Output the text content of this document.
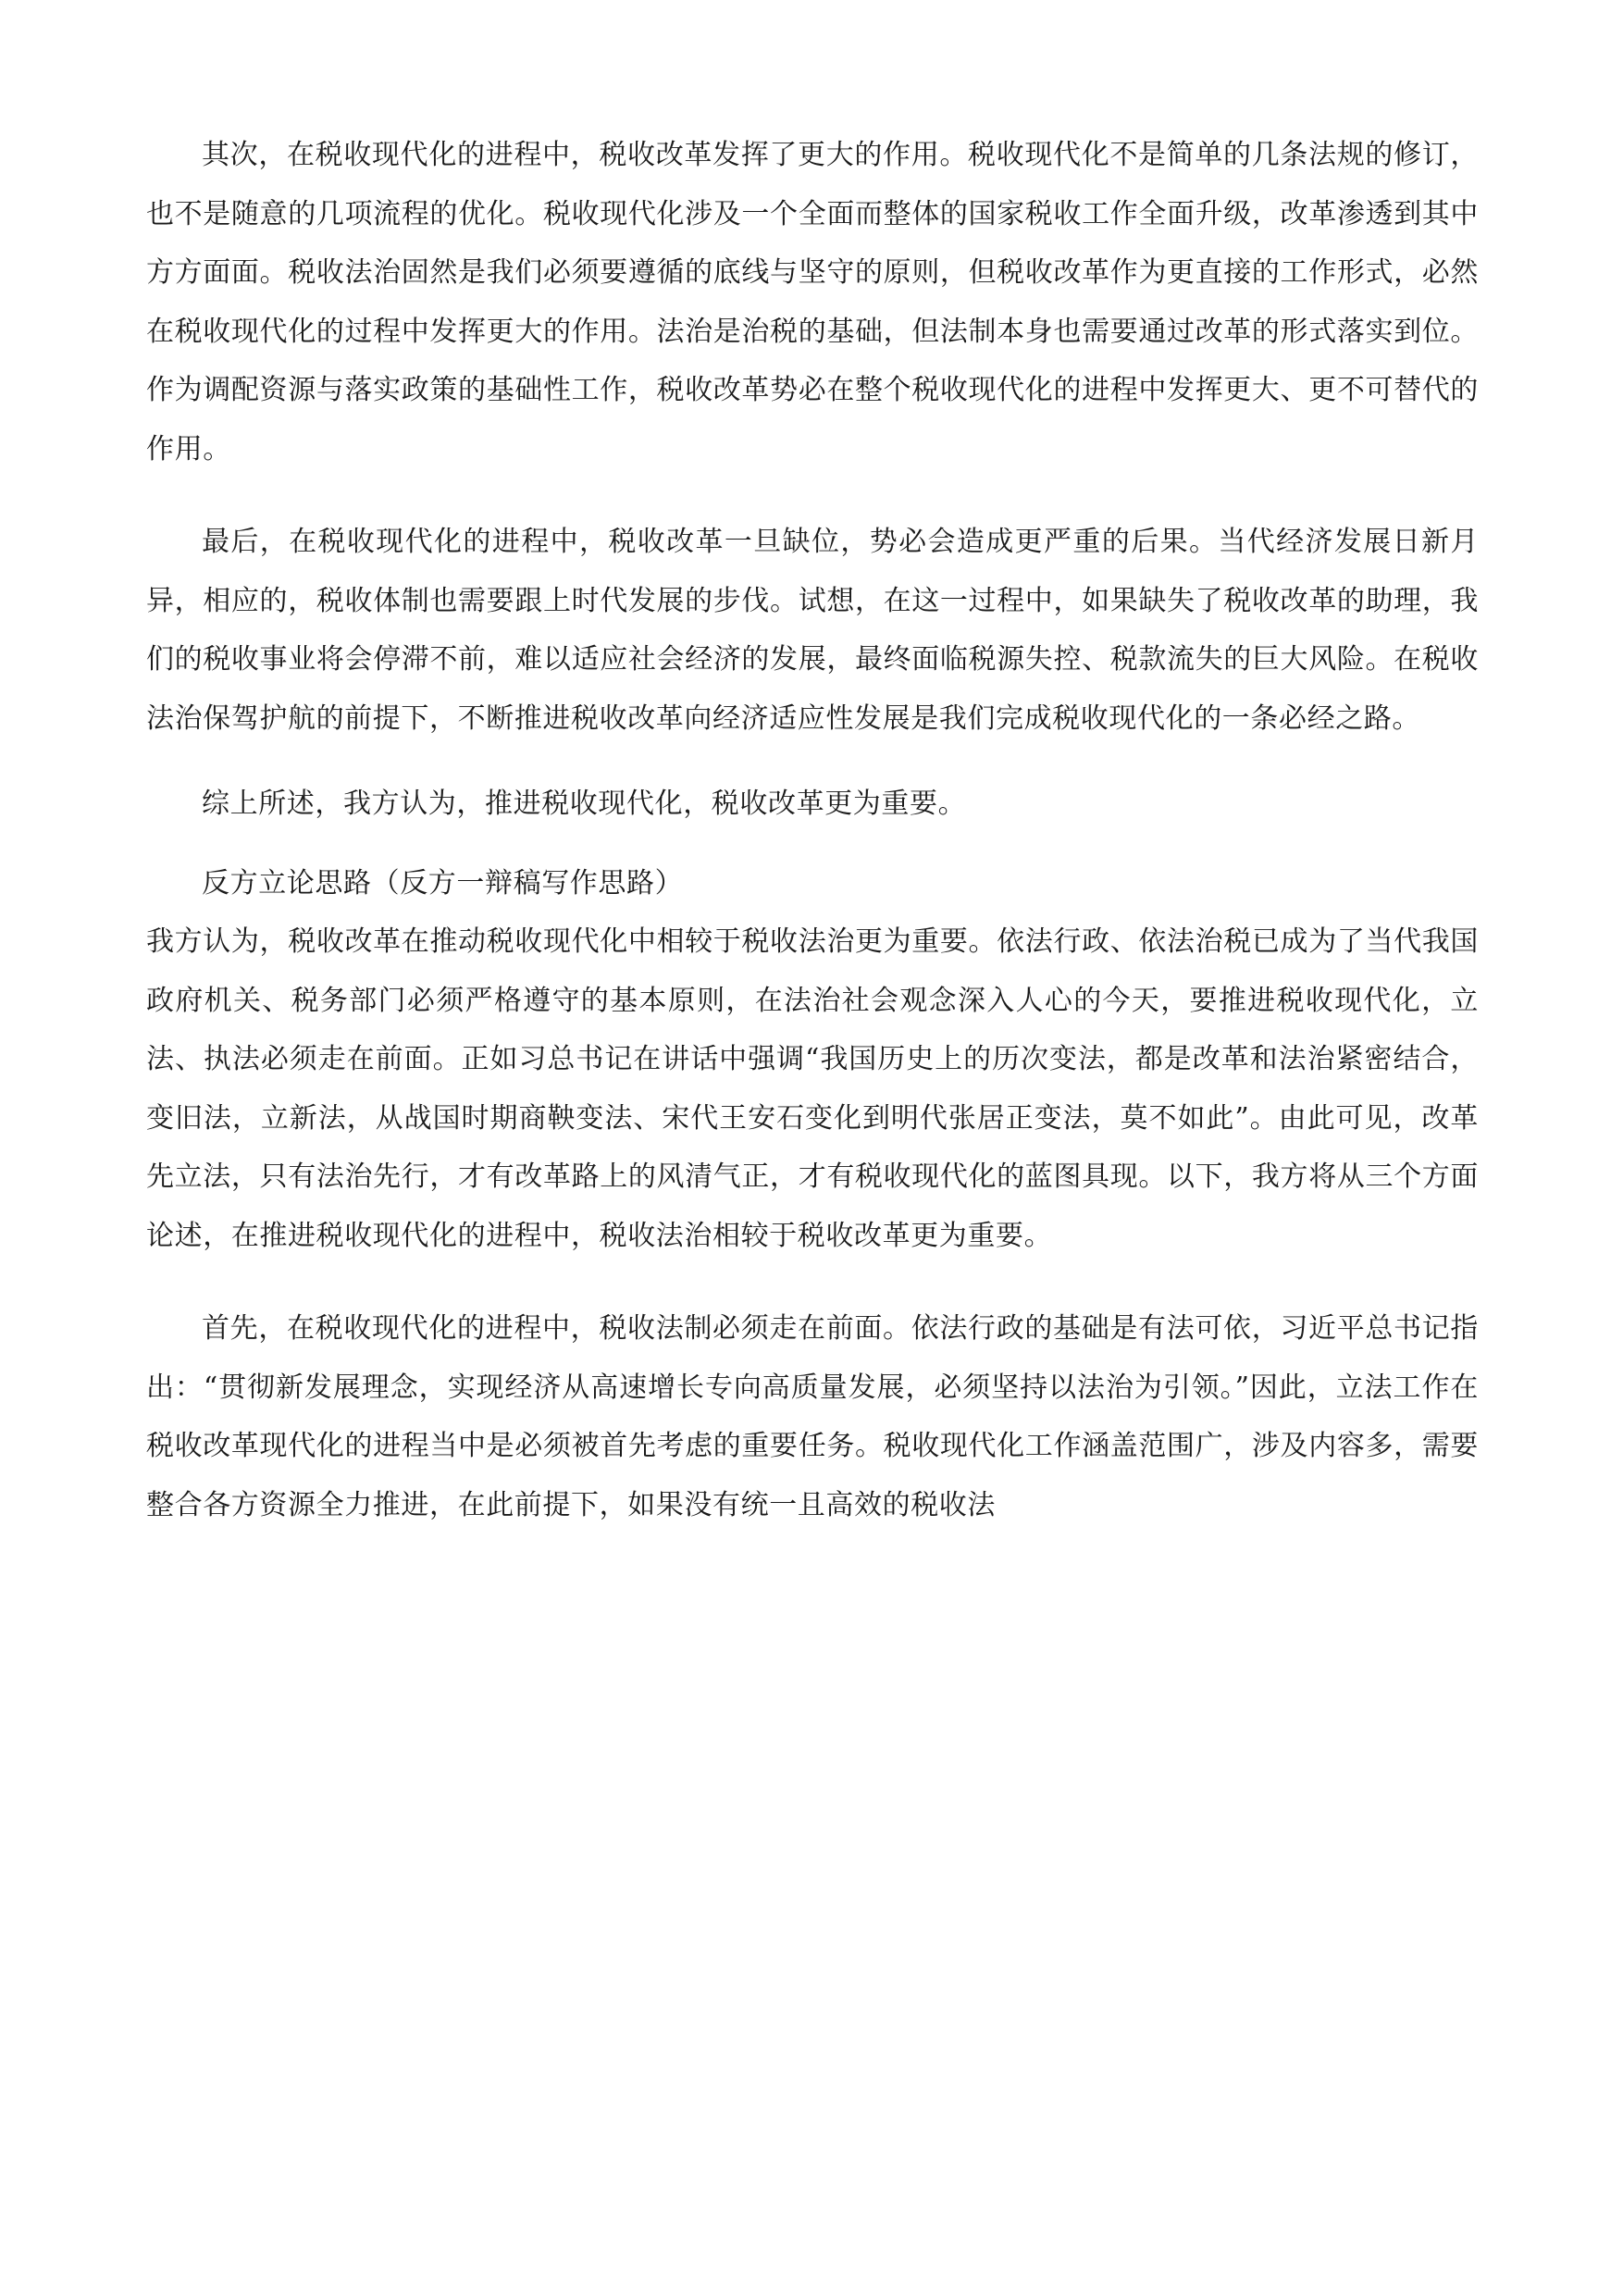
其次，在税收现代化的进程中，税收改革发挥了更大的作用。税收现代化不是简单的几条法规的修订，也不是随意的几项流程的优化。税收现代化涉及一个全面而整体的国家税收工作全面升级，改革渗透到其中方方面面。税收法治固然是我们必须要遵循的底线与坚守的原则，但税收改革作为更直接的工作形式，必然在税收现代化的过程中发挥更大的作用。法治是治税的基础，但法制本身也需要通过改革的形式落实到位。作为调配资源与落实政策的基础性工作，税收改革势必在整个税收现代化的进程中发挥更大、更不可替代的作用。

最后，在税收现代化的进程中，税收改革一旦缺位，势必会造成更严重的后果。当代经济发展日新月异，相应的，税收体制也需要跟上时代发展的步伐。试想，在这一过程中，如果缺失了税收改革的助理，我们的税收事业将会停滞不前，难以适应社会经济的发展，最终面临税源失控、税款流失的巨大风险。在税收法治保驾护航的前提下，不断推进税收改革向经济适应性发展是我们完成税收现代化的一条必经之路。

综上所述，我方认为，推进税收现代化，税收改革更为重要。

反方立论思路（反方一辩稿写作思路）

我方认为，税收改革在推动税收现代化中相较于税收法治更为重要。依法行政、依法治税已成为了当代我国政府机关、税务部门必须严格遵守的基本原则，在法治社会观念深入人心的今天，要推进税收现代化，立法、执法必须走在前面。正如习总书记在讲话中强调“我国历史上的历次变法，都是改革和法治紧密结合，变旧法，立新法，从战国时期商鞅变法、宋代王安石变化到明代张居正变法，莫不如此”。由此可见，改革先立法，只有法治先行，才有改革路上的风清气正，才有税收现代化的蓝图具现。以下，我方将从三个方面论述，在推进税收现代化的进程中，税收法治相较于税收改革更为重要。

首先，在税收现代化的进程中，税收法制必须走在前面。依法行政的基础是有法可依，习近平总书记指出：“贯彻新发展理念，实现经济从高速增长专向高质量发展，必须坚持以法治为引领。”因此，立法工作在税收改革现代化的进程当中是必须被首先考虑的重要任务。税收现代化工作涵盖范围广，涉及内容多，需要整合各方资源全力推进，在此前提下，如果没有统一且高效的税收法
